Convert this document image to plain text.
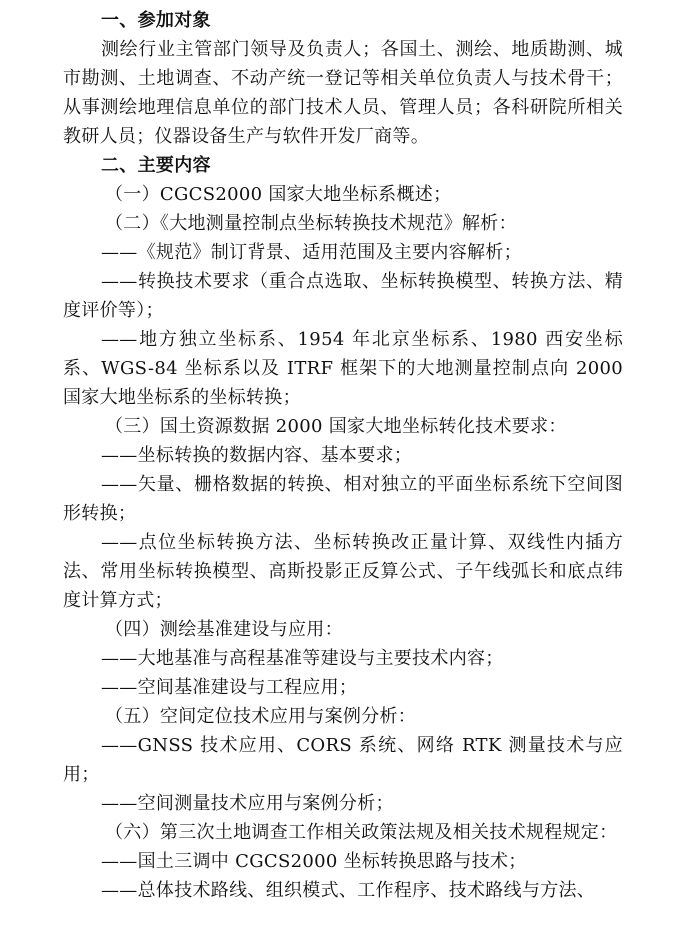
一、参加对象

测绘行业主管部门领导及负责人；各国土、测绘、地质勘测、城市勘测、土地调查、不动产统一登记等相关单位负责人与技术骨干；从事测绘地理信息单位的部门技术人员、管理人员；各科研院所相关教研人员；仪器设备生产与软件开发厂商等。

二、主要内容

（一）CGCS2000 国家大地坐标系概述；

（二）《大地测量控制点坐标转换技术规范》解析：

——《规范》制订背景、适用范围及主要内容解析；

——转换技术要求（重合点选取、坐标转换模型、转换方法、精度评价等）；

——地方独立坐标系、1954 年北京坐标系、1980 西安坐标系、WGS-84 坐标系以及 ITRF 框架下的大地测量控制点向 2000 国家大地坐标系的坐标转换；

（三）国土资源数据 2000 国家大地坐标转化技术要求：

——坐标转换的数据内容、基本要求；

——矢量、栅格数据的转换、相对独立的平面坐标系统下空间图形转换；

——点位坐标转换方法、坐标转换改正量计算、双线性内插方法、常用坐标转换模型、高斯投影正反算公式、子午线弧长和底点纬度计算方式；

（四）测绘基准建设与应用：

——大地基准与高程基准等建设与主要技术内容；

——空间基准建设与工程应用；

（五）空间定位技术应用与案例分析：

——GNSS 技术应用、CORS 系统、网络 RTK 测量技术与应用；

——空间测量技术应用与案例分析；

（六）第三次土地调查工作相关政策法规及相关技术规程规定：

——国土三调中 CGCS2000 坐标转换思路与技术；

——总体技术路线、组织模式、工作程序、技术路线与方法、
